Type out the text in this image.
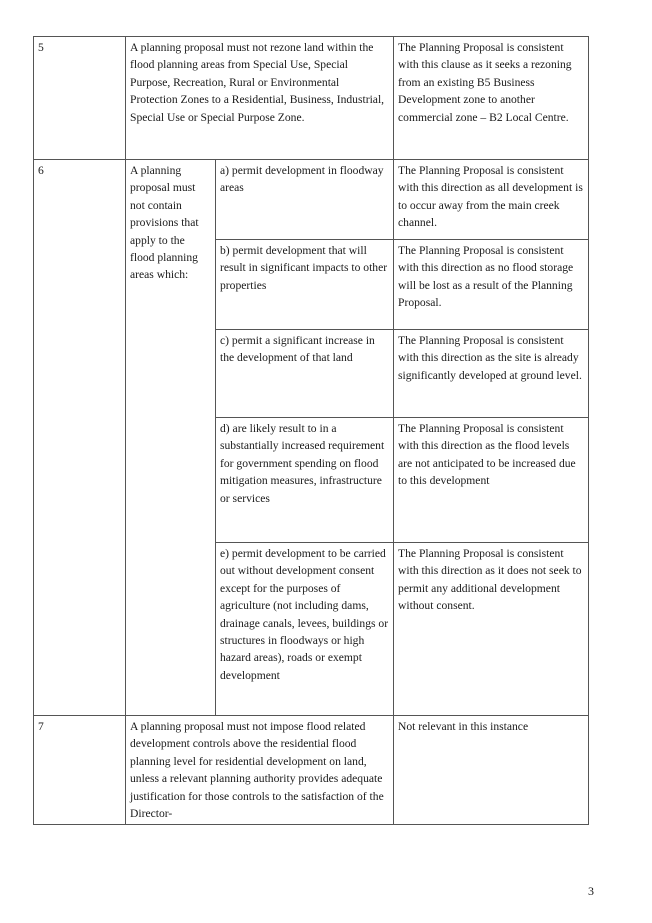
5	A planning proposal must not rezone land within the flood planning areas from Special Use, Special Purpose, Recreation, Rural or Environmental Protection Zones to a Residential, Business, Industrial, Special Use or Special Purpose Zone.		The Planning Proposal is consistent with this clause as it seeks a rezoning from an existing B5 Business Development zone to another commercial zone – B2 Local Centre.
6	A planning proposal must not contain provisions that apply to the flood planning areas which:	a) permit development in floodway areas	The Planning Proposal is consistent with this direction as all development is to occur away from the main creek channel.
		b) permit development that will result in significant impacts to other properties	The Planning Proposal is consistent with this direction as no flood storage will be lost as a result of the Planning Proposal.
		c) permit a significant increase in the development of that land	The Planning Proposal is consistent with this direction as the site is already significantly developed at ground level.
		d) are likely result to in a substantially increased requirement for government spending on flood mitigation measures, infrastructure or services	The Planning Proposal is consistent with this direction as the flood levels are not anticipated to be increased due to this development
		e) permit development to be carried out without development consent except for the purposes of agriculture (not including dams, drainage canals, levees, buildings or structures in floodways or high hazard areas), roads or exempt development	The Planning Proposal is consistent with this direction as it does not seek to permit any additional development without consent.
7	A planning proposal must not impose flood related development controls above the residential flood planning level for residential development on land, unless a relevant planning authority provides adequate justification for those controls to the satisfaction of the Director-		Not relevant in this instance
3
